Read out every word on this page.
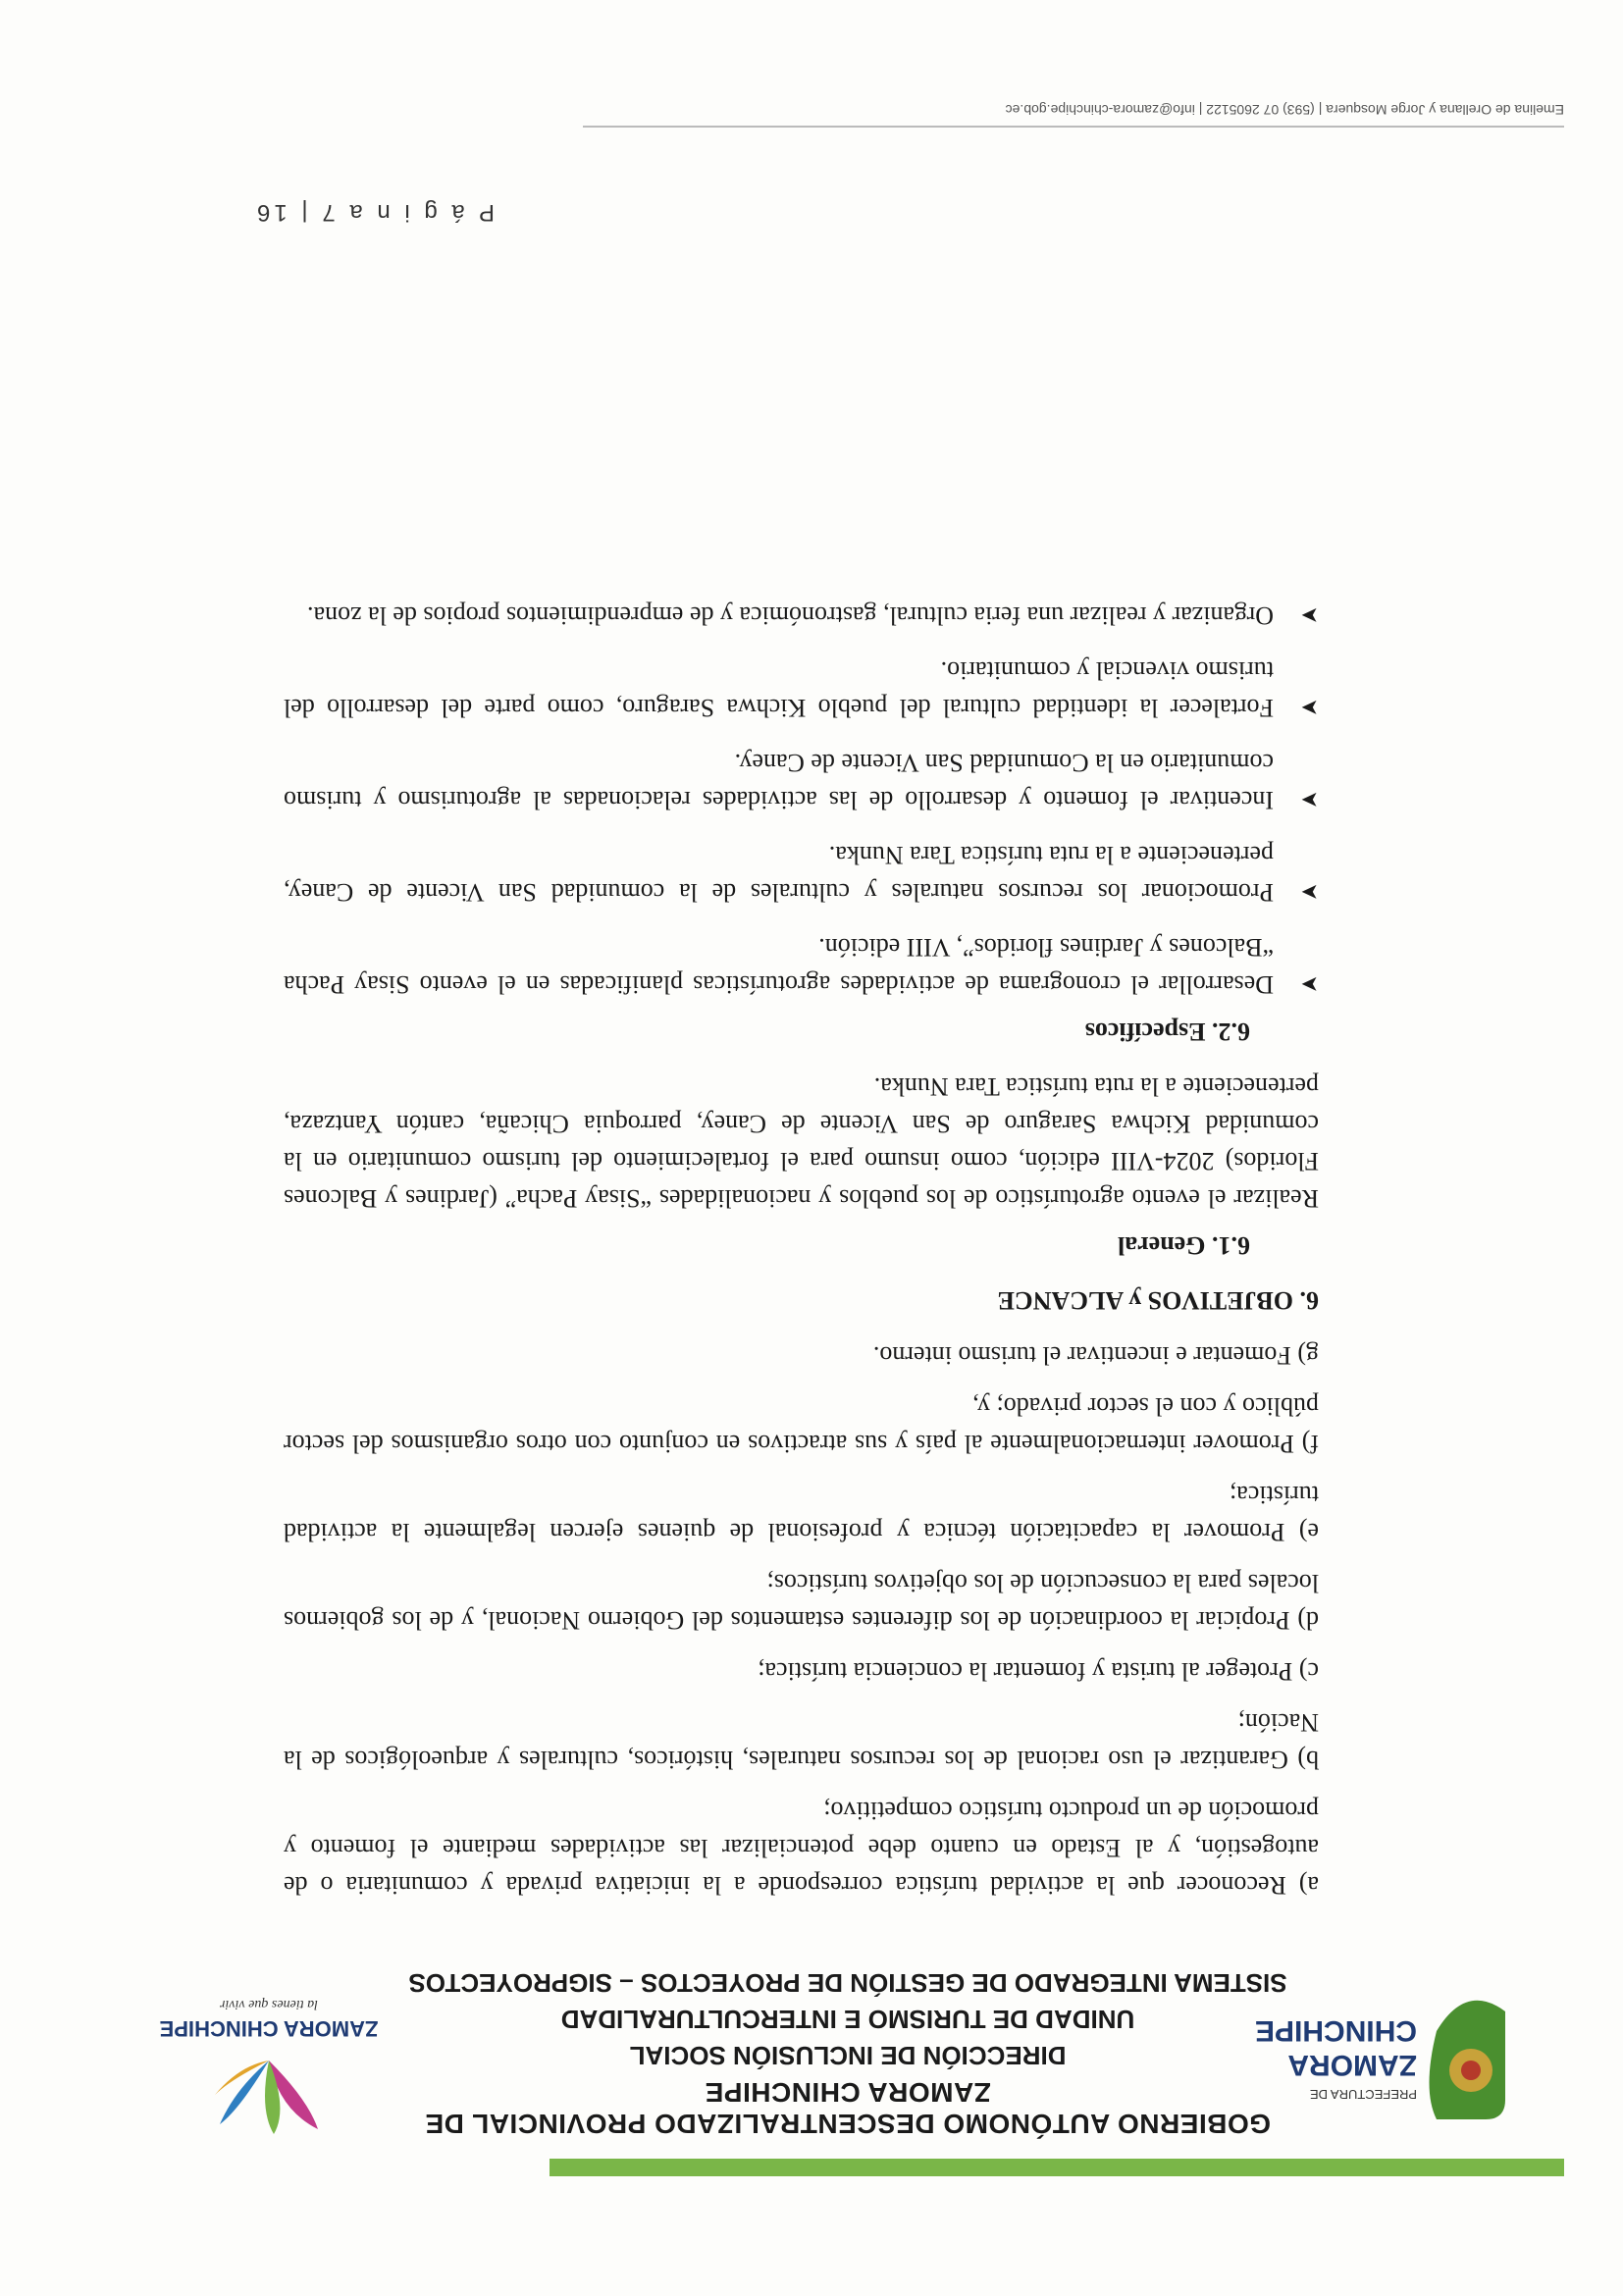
PREFECTURA DE
ZAMORA
CHINCHIPE
GOBIERNO AUTÓNOMO DESCENTRALIZADO PROVINCIAL DE ZAMORA CHINCHIPE
DIRECCIÓN DE INCLUSIÓN SOCIAL
UNIDAD DE TURISMO E INTERCULTURALIDAD
SISTEMA INTEGRADO DE GESTIÓN DE PROYECTOS – SIGPROYECTOS
ZAMORA CHINCHIPE
la tienes que vivir

a) Reconocer que la actividad turística corresponde a la iniciativa privada y comunitaria o de autogestión, y al Estado en cuanto debe potencializar las actividades mediante el fomento y promoción de un producto turístico competitivo;

b) Garantizar el uso racional de los recursos naturales, históricos, culturales y arqueológicos de la Nación;

c) Proteger al turista y fomentar la conciencia turística;

d) Propiciar la coordinación de los diferentes estamentos del Gobierno Nacional, y de los gobiernos locales para la consecución de los objetivos turísticos;

e) Promover la capacitación técnica y profesional de quienes ejercen legalmente la actividad turística;

f) Promover internacionalmente al país y sus atractivos en conjunto con otros organismos del sector público y con el sector privado; y,

g) Fomentar e incentivar el turismo interno.

6. OBJETIVOS y ALCANCE
6.1. General

Realizar el evento agroturístico de los pueblos y nacionalidades “Sisay Pacha” (Jardines y Balcones Floridos) 2024-VIII edición, como insumo para el fortalecimiento del turismo comunitario en la comunidad Kichwa Saraguro de San Vicente de Caney, parroquia Chicaña, cantón Yantzaza, perteneciente a la ruta turística Tara Nunka.

6.2. Específicos
➤ Desarrollar el cronograma de actividades agroturísticas planificadas en el evento Sisay Pacha “Balcones y Jardines floridos”, VIII edición.
➤ Promocionar los recursos naturales y culturales de la comunidad San Vicente de Caney, perteneciente a la ruta turística Tara Nunka.
➤ Incentivar el fomento y desarrollo de las actividades relacionadas al agroturismo y turismo comunitario en la Comunidad San Vicente de Caney.
➤ Fortalecer la identidad cultural del pueblo Kichwa Saraguro, como parte del desarrollo del turismo vivencial y comunitario.
➤ Organizar y realizar una feria cultural, gastronómica y de emprendimientos propios de la zona.
P á g i n a 7 | 16
Emelina de Orellana y Jorge Mosquera | (593) 07 2605122 | info@zamora-chinchipe.gob.ec
